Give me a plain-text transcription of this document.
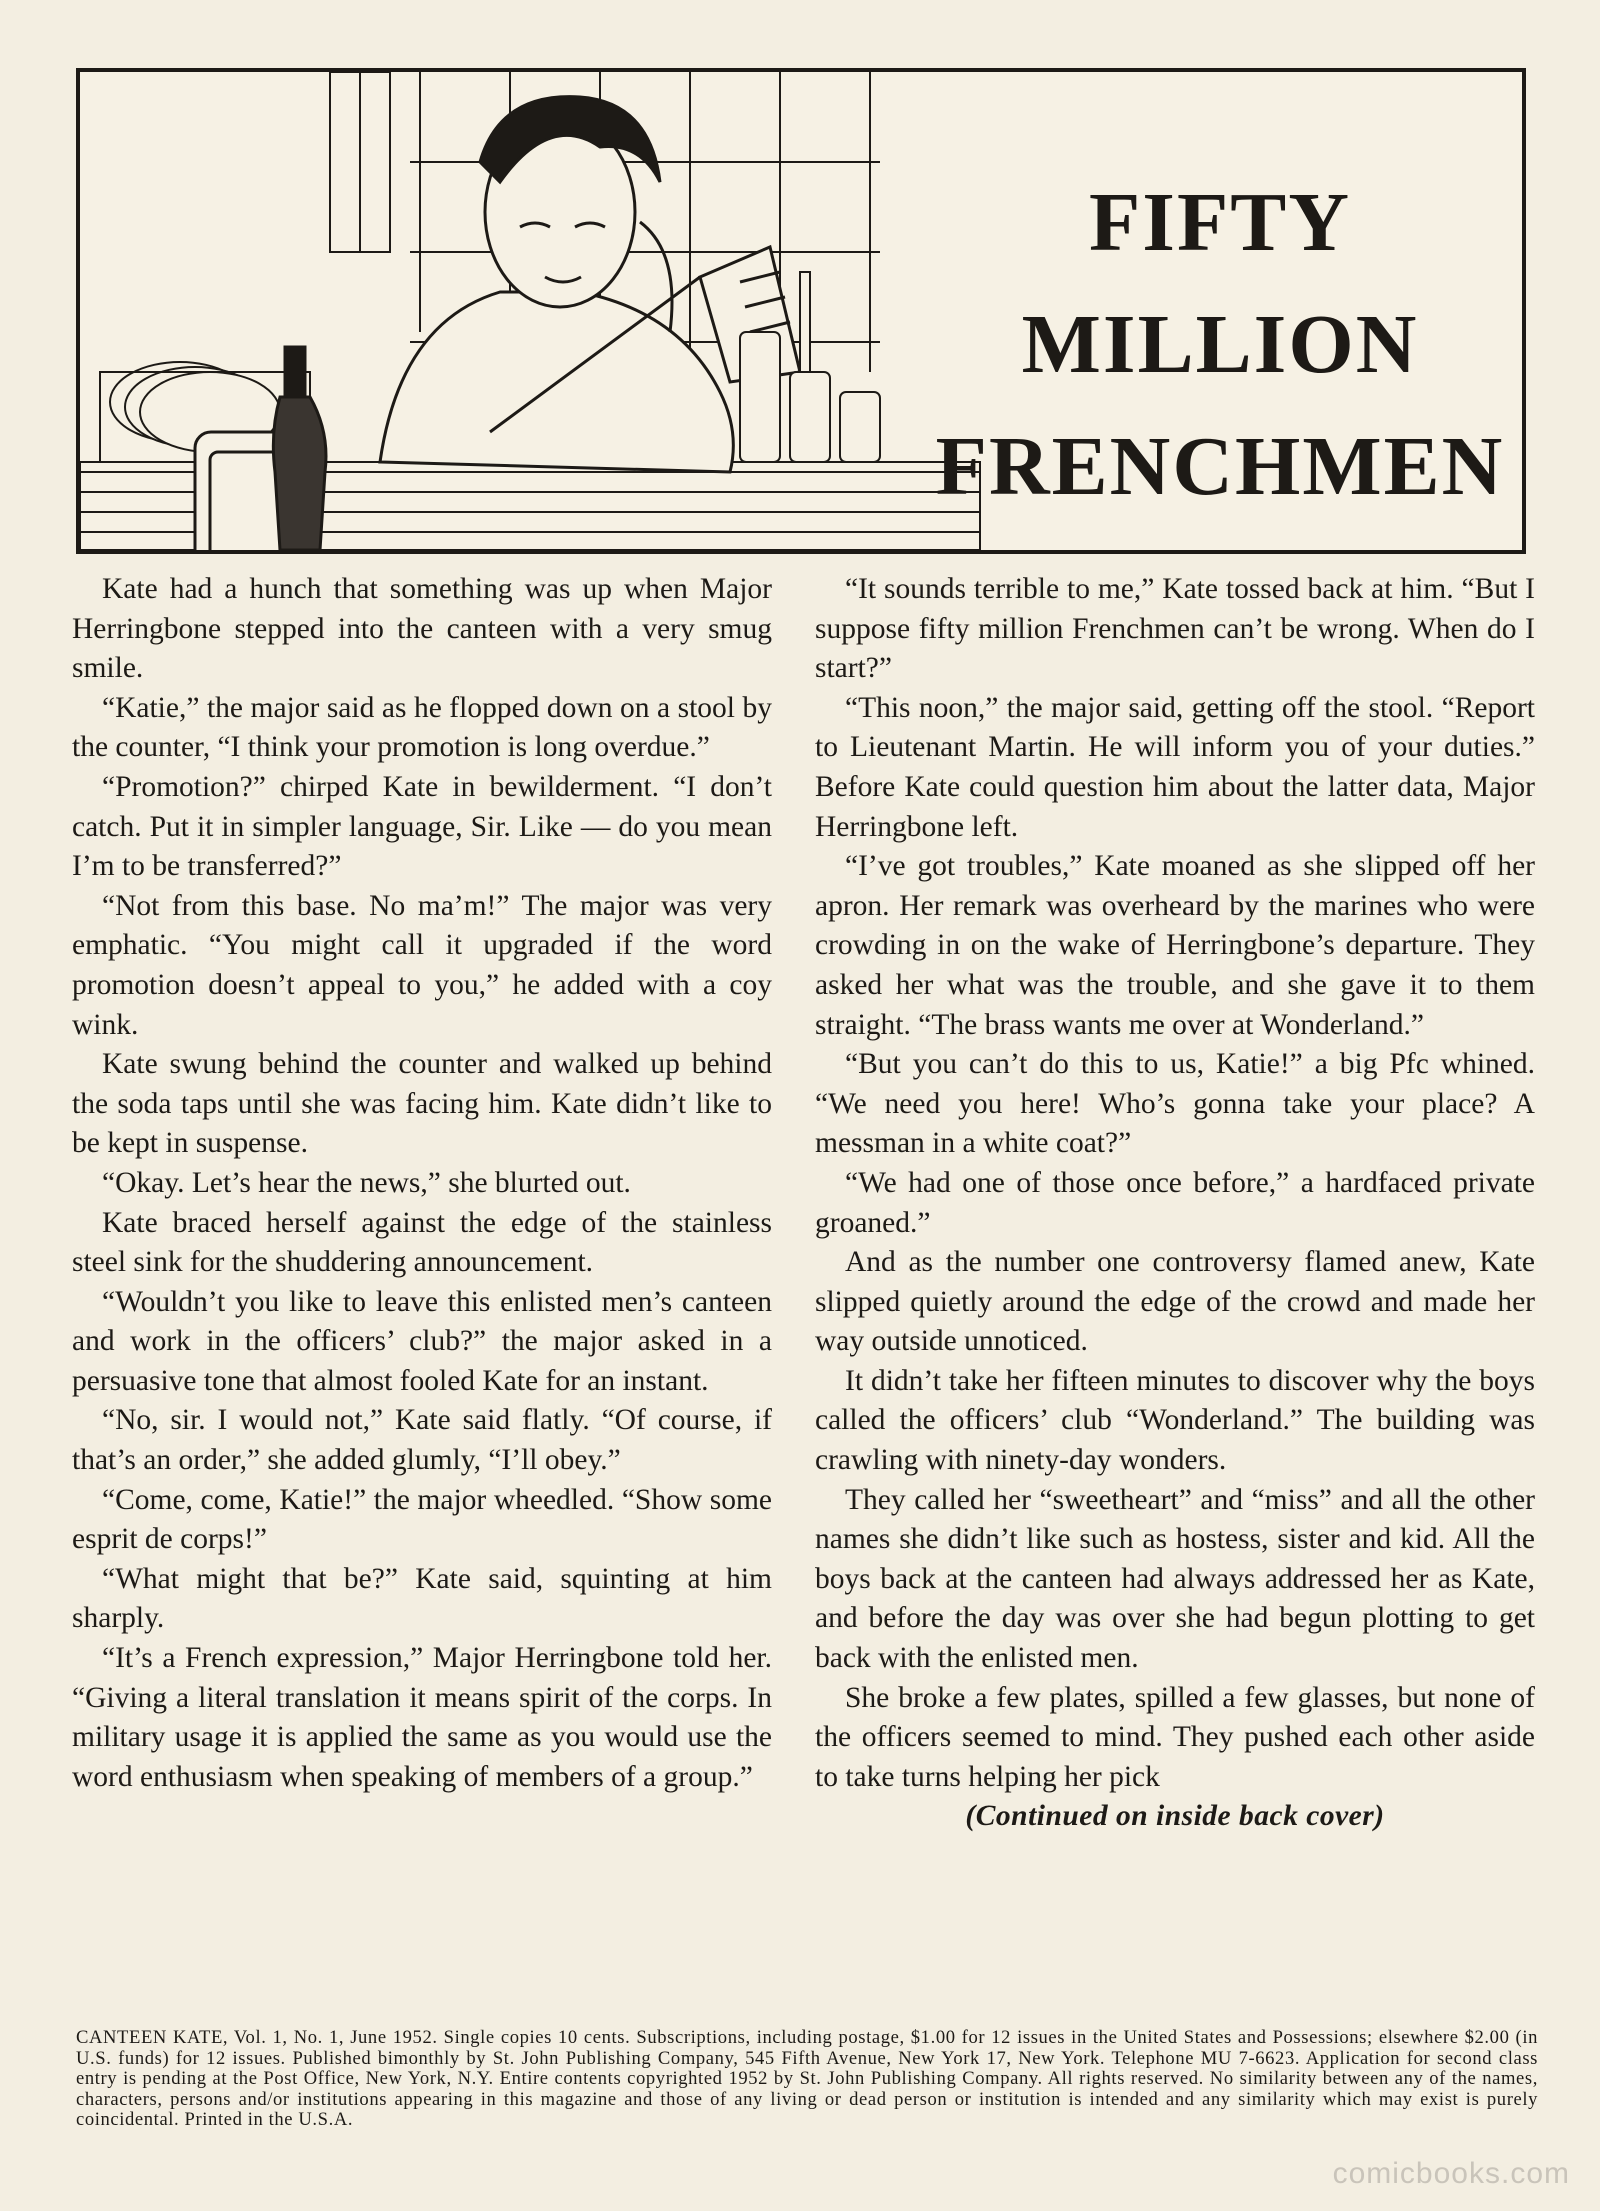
FIFTY
MILLION
FRENCHMEN

Kate had a hunch that something was up when Major Herringbone stepped into the canteen with a very smug smile.

“Katie,” the major said as he flopped down on a stool by the counter, “I think your promotion is long overdue.”

“Promotion?” chirped Kate in bewilderment. “I don’t catch. Put it in simpler language, Sir. Like — do you mean I’m to be transferred?”

“Not from this base. No ma’m!” The major was very emphatic. “You might call it upgraded if the word promotion doesn’t appeal to you,” he added with a coy wink.

Kate swung behind the counter and walked up behind the soda taps until she was facing him. Kate didn’t like to be kept in suspense.

“Okay. Let’s hear the news,” she blurted out.

Kate braced herself against the edge of the stainless steel sink for the shuddering announcement.

“Wouldn’t you like to leave this enlisted men’s canteen and work in the officers’ club?” the major asked in a persuasive tone that almost fooled Kate for an instant.

“No, sir. I would not,” Kate said flatly. “Of course, if that’s an order,” she added glumly, “I’ll obey.”

“Come, come, Katie!” the major wheedled. “Show some esprit de corps!”

“What might that be?” Kate said, squinting at him sharply.

“It’s a French expression,” Major Herringbone told her. “Giving a literal translation it means spirit of the corps. In military usage it is applied the same as you would use the word enthusiasm when speaking of members of a group.”

“It sounds terrible to me,” Kate tossed back at him. “But I suppose fifty million Frenchmen can’t be wrong. When do I start?”

“This noon,” the major said, getting off the stool. “Report to Lieutenant Martin. He will inform you of your duties.” Before Kate could question him about the latter data, Major Herringbone left.

“I’ve got troubles,” Kate moaned as she slipped off her apron. Her remark was overheard by the marines who were crowding in on the wake of Herringbone’s departure. They asked her what was the trouble, and she gave it to them straight. “The brass wants me over at Wonderland.”

“But you can’t do this to us, Katie!” a big Pfc whined. “We need you here! Who’s gonna take your place? A messman in a white coat?”

“We had one of those once before,” a hardfaced private groaned.”

And as the number one controversy flamed anew, Kate slipped quietly around the edge of the crowd and made her way outside unnoticed.

It didn’t take her fifteen minutes to discover why the boys called the officers’ club “Wonderland.” The building was crawling with ninety-day wonders.

They called her “sweetheart” and “miss” and all the other names she didn’t like such as hostess, sister and kid. All the boys back at the canteen had always addressed her as Kate, and before the day was over she had begun plotting to get back with the enlisted men.

She broke a few plates, spilled a few glasses, but none of the officers seemed to mind. They pushed each other aside to take turns helping her pick

(Continued on inside back cover)

CANTEEN KATE, Vol. 1, No. 1, June 1952. Single copies 10 cents. Subscriptions, including postage, $1.00 for 12 issues in the United States and Possessions; elsewhere $2.00 (in U.S. funds) for 12 issues. Published bimonthly by St. John Publishing Company, 545 Fifth Avenue, New York 17, New York. Telephone MU 7-6623. Application for second class entry is pending at the Post Office, New York, N.Y. Entire contents copyrighted 1952 by St. John Publishing Company. All rights reserved. No similarity between any of the names, characters, persons and/or institutions appearing in this magazine and those of any living or dead person or institution is intended and any similarity which may exist is purely coincidental. Printed in the U.S.A.
comicbooks.com
